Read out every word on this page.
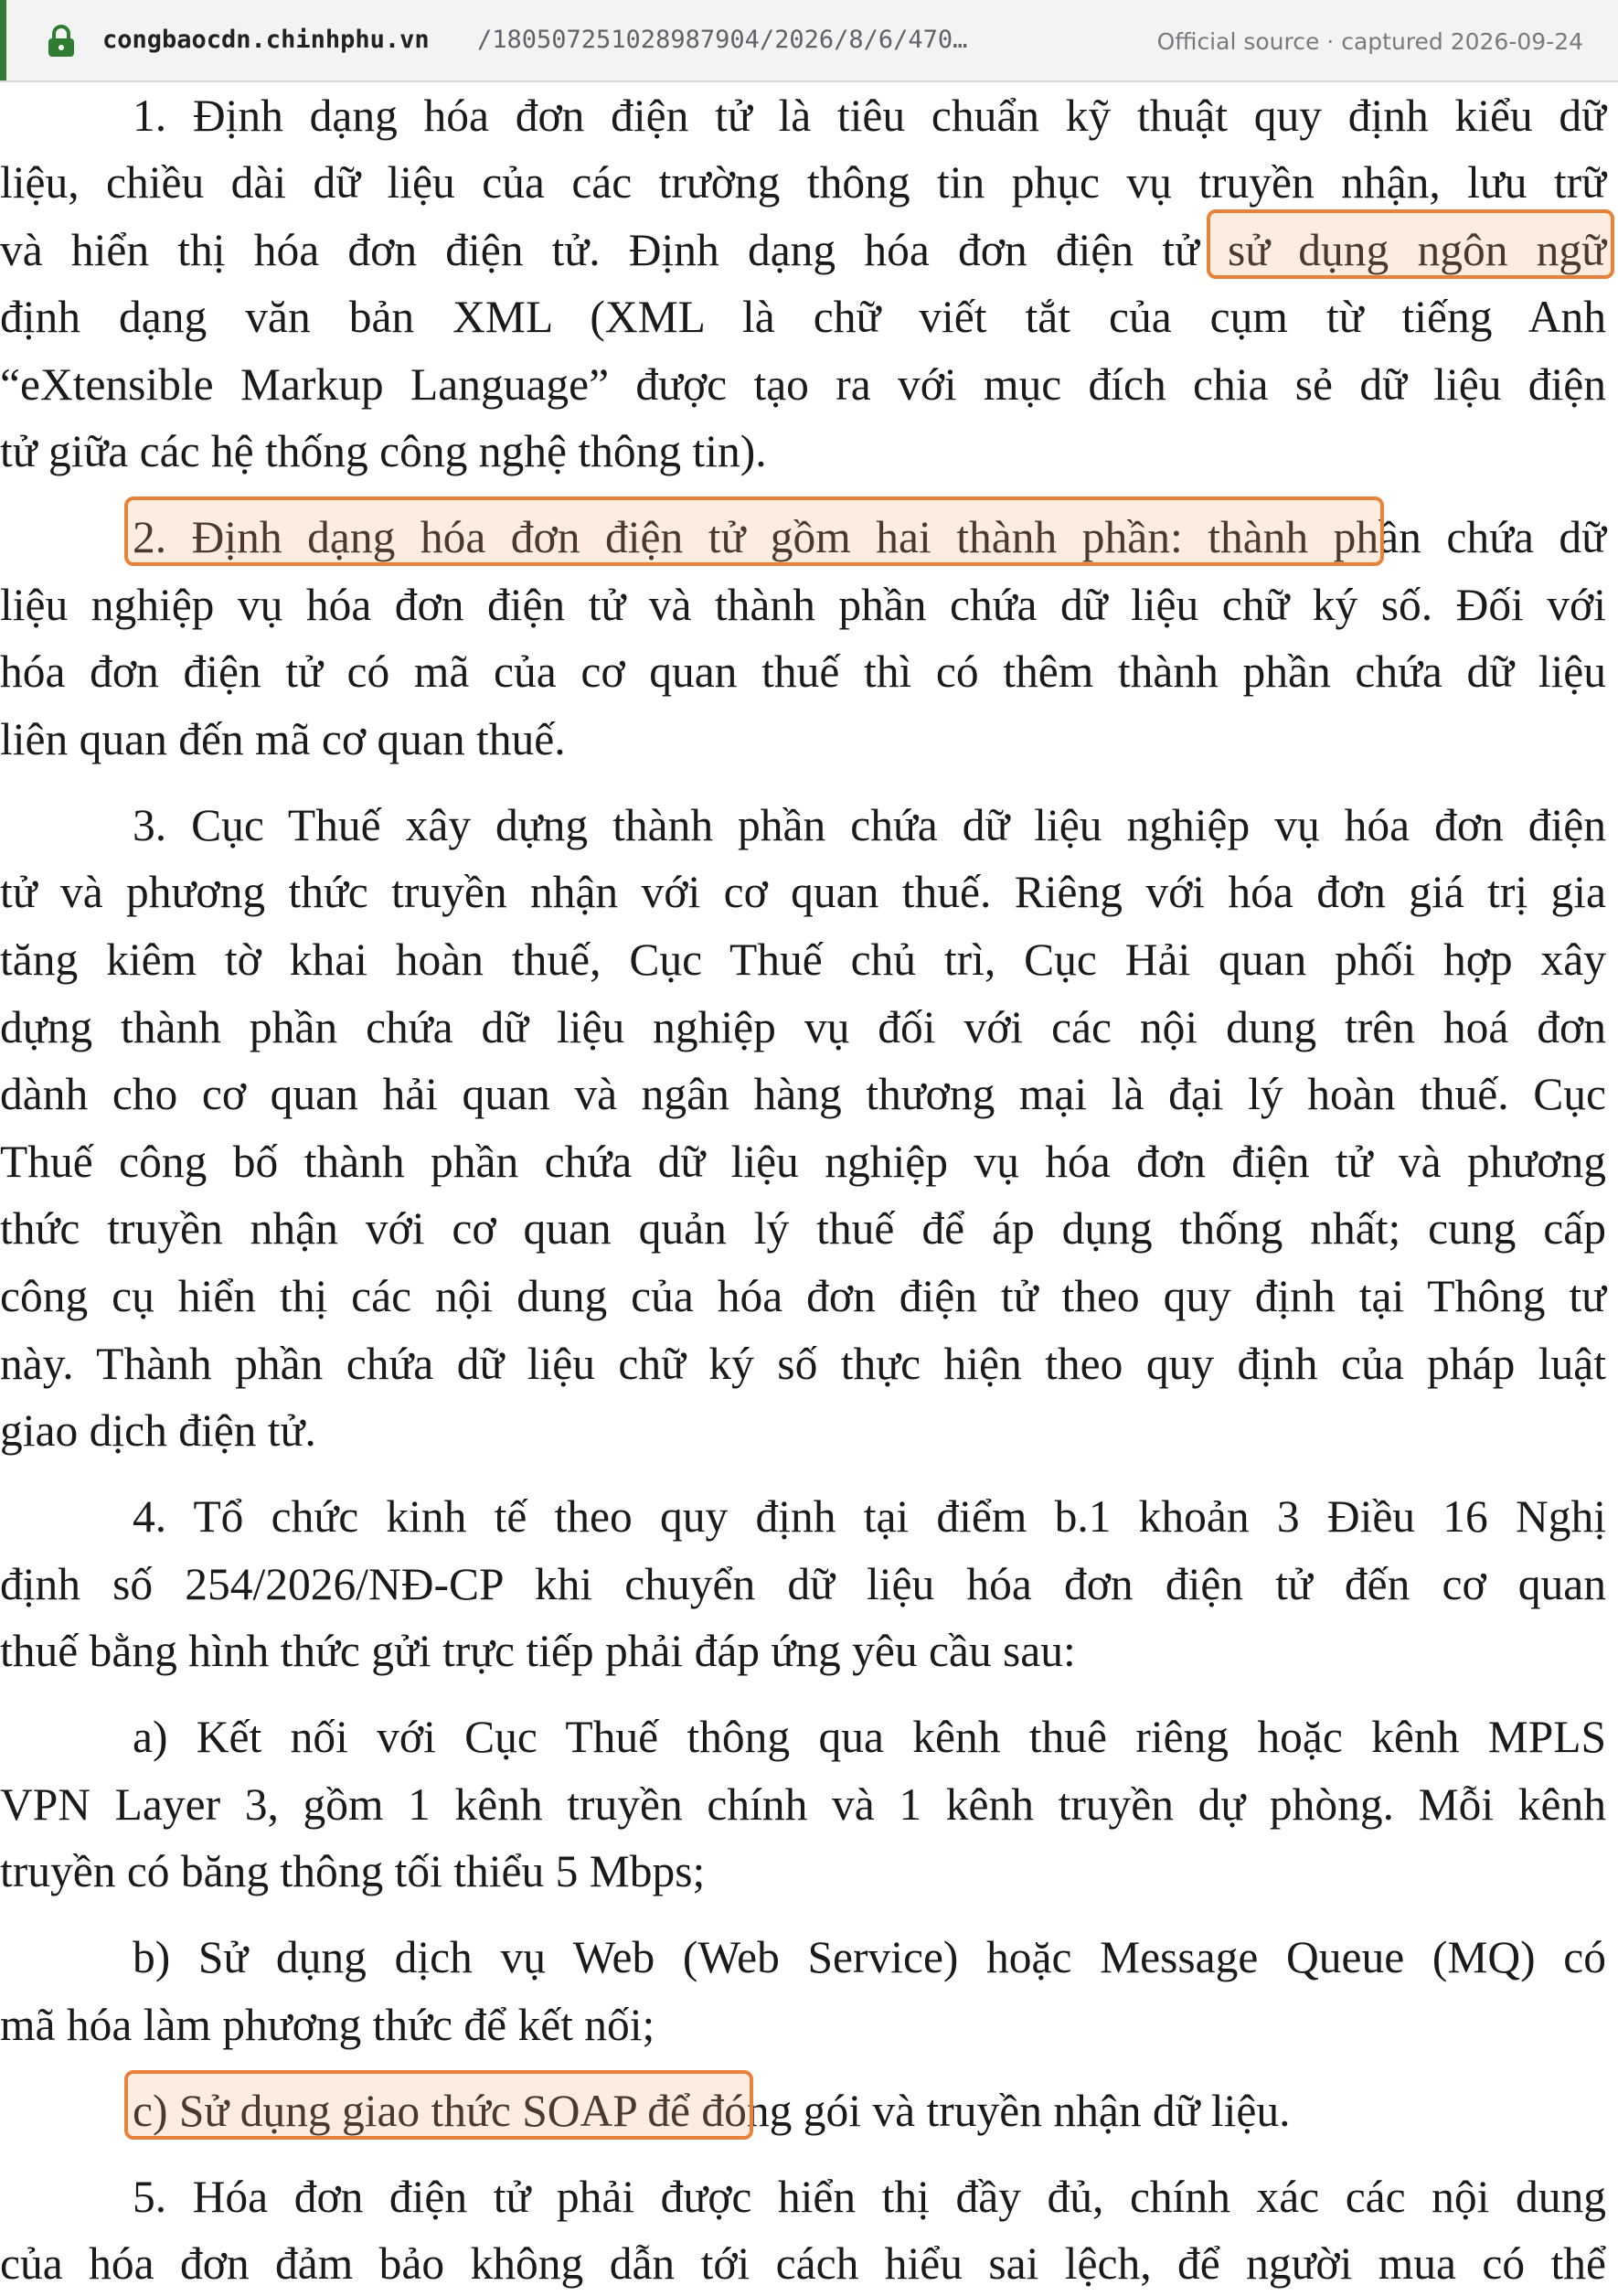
congbaocdn.chinhphu.vn /180507251028987904/2026/8/6/470…	Official source · captured 2026-09-24
1. Định dạng hóa đơn điện tử là tiêu chuẩn kỹ thuật quy định kiểu dữ
liệu, chiều dài dữ liệu của các trường thông tin phục vụ truyền nhận, lưu trữ
và hiển thị hóa đơn điện tử. Định dạng hóa đơn điện tử sử dụng ngôn ngữ
định dạng văn bản XML (XML là chữ viết tắt của cụm từ tiếng Anh
“eXtensible Markup Language” được tạo ra với mục đích chia sẻ dữ liệu điện
tử giữa các hệ thống công nghệ thông tin).
2. Định dạng hóa đơn điện tử gồm hai thành phần: thành phần chứa dữ
liệu nghiệp vụ hóa đơn điện tử và thành phần chứa dữ liệu chữ ký số. Đối với
hóa đơn điện tử có mã của cơ quan thuế thì có thêm thành phần chứa dữ liệu
liên quan đến mã cơ quan thuế.
3. Cục Thuế xây dựng thành phần chứa dữ liệu nghiệp vụ hóa đơn điện
tử và phương thức truyền nhận với cơ quan thuế. Riêng với hóa đơn giá trị gia
tăng kiêm tờ khai hoàn thuế, Cục Thuế chủ trì, Cục Hải quan phối hợp xây
dựng thành phần chứa dữ liệu nghiệp vụ đối với các nội dung trên hoá đơn
dành cho cơ quan hải quan và ngân hàng thương mại là đại lý hoàn thuế. Cục
Thuế công bố thành phần chứa dữ liệu nghiệp vụ hóa đơn điện tử và phương
thức truyền nhận với cơ quan quản lý thuế để áp dụng thống nhất; cung cấp
công cụ hiển thị các nội dung của hóa đơn điện tử theo quy định tại Thông tư
này. Thành phần chứa dữ liệu chữ ký số thực hiện theo quy định của pháp luật
giao dịch điện tử.
4. Tổ chức kinh tế theo quy định tại điểm b.1 khoản 3 Điều 16 Nghị
định số 254/2026/NĐ-CP khi chuyển dữ liệu hóa đơn điện tử đến cơ quan
thuế bằng hình thức gửi trực tiếp phải đáp ứng yêu cầu sau:
a) Kết nối với Cục Thuế thông qua kênh thuê riêng hoặc kênh MPLS
VPN Layer 3, gồm 1 kênh truyền chính và 1 kênh truyền dự phòng. Mỗi kênh
truyền có băng thông tối thiểu 5 Mbps;
b) Sử dụng dịch vụ Web (Web Service) hoặc Message Queue (MQ) có
mã hóa làm phương thức để kết nối;
c) Sử dụng giao thức SOAP để đóng gói và truyền nhận dữ liệu.
5. Hóa đơn điện tử phải được hiển thị đầy đủ, chính xác các nội dung
của hóa đơn đảm bảo không dẫn tới cách hiểu sai lệch, để người mua có thể
